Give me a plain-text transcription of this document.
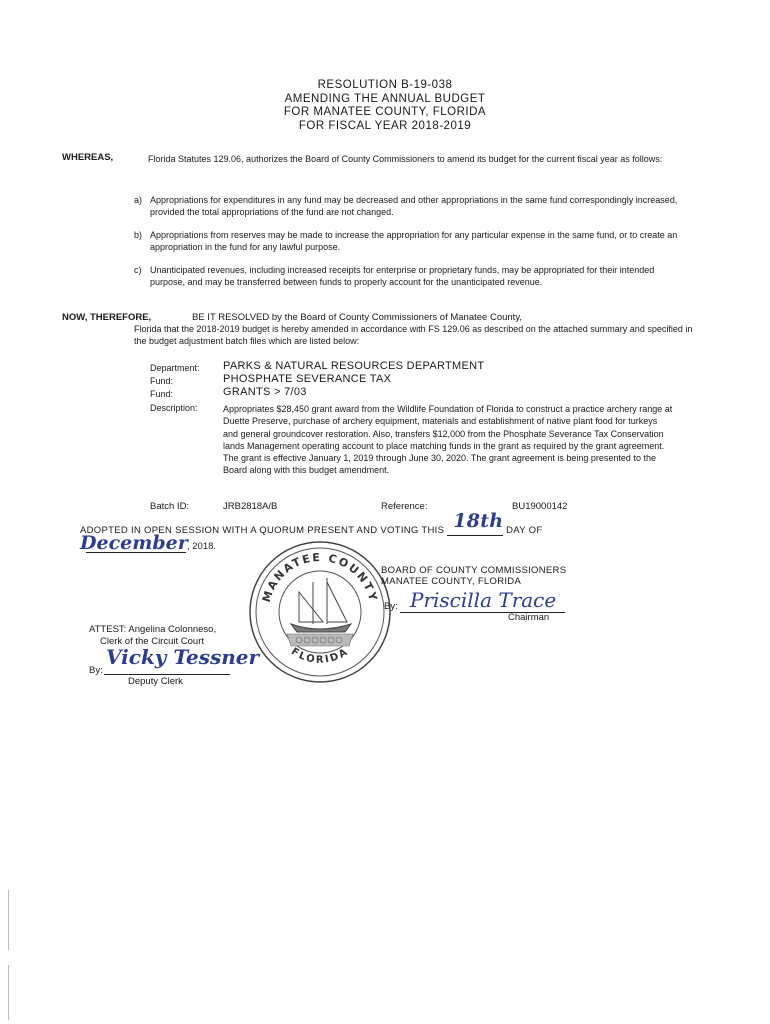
RESOLUTION B-19-038
AMENDING THE ANNUAL BUDGET
FOR MANATEE COUNTY, FLORIDA
FOR FISCAL YEAR 2018-2019
WHEREAS,	Florida Statutes 129.06, authorizes the Board of County Commissioners to amend its budget for the current fiscal year as follows:
a) Appropriations for expenditures in any fund may be decreased and other appropriations in the same fund correspondingly increased, provided the total appropriations of the fund are not changed.
b) Appropriations from reserves may be made to increase the appropriation for any particular expense in the same fund, or to create an appropriation in the fund for any lawful purpose.
c) Unanticipated revenues, including increased receipts for enterprise or proprietary funds, may be appropriated for their intended purpose, and may be transferred between funds to properly account for the unanticipated revenue.
NOW, THEREFORE,	BE IT RESOLVED by the Board of County Commissioners of Manatee County,
Florida that the 2018-2019 budget is hereby amended in accordance with FS 129.06 as described on the attached summary and specified in the budget adjustment batch files which are listed below:
Department: PARKS & NATURAL RESOURCES DEPARTMENT
Fund:	PHOSPHATE SEVERANCE TAX
Fund:	GRANTS > 7/03
Description:	Appropriates $28,450 grant award from the Wildlife Foundation of Florida to construct a practice archery range at Duette Preserve, purchase of archery equipment, materials and establishment of native plant food for turkeys and general groundcover restoration. Also, transfers $12,000 from the Phosphate Severance Tax Conservation lands Management operating account to place matching funds in the grant as required by the grant agreement. The grant is effective January 1, 2019 through June 30, 2020. The grant agreement is being presented to the Board along with this budget amendment.
Batch ID:	JRB2818A/B	Reference:	BU19000142
ADOPTED IN OPEN SESSION WITH A QUORUM PRESENT AND VOTING THIS 18th DAY OF
December , 2018.
MANATEE COUNTY
FLORIDA
BOARD OF COUNTY COMMISSIONERS
MANATEE COUNTY, FLORIDA
By: Priscilla Trace
Chairman
ATTEST: Angelina Colonneso,
Clerk of the Circuit Court
By:
Vicky Tessner
Deputy Clerk
